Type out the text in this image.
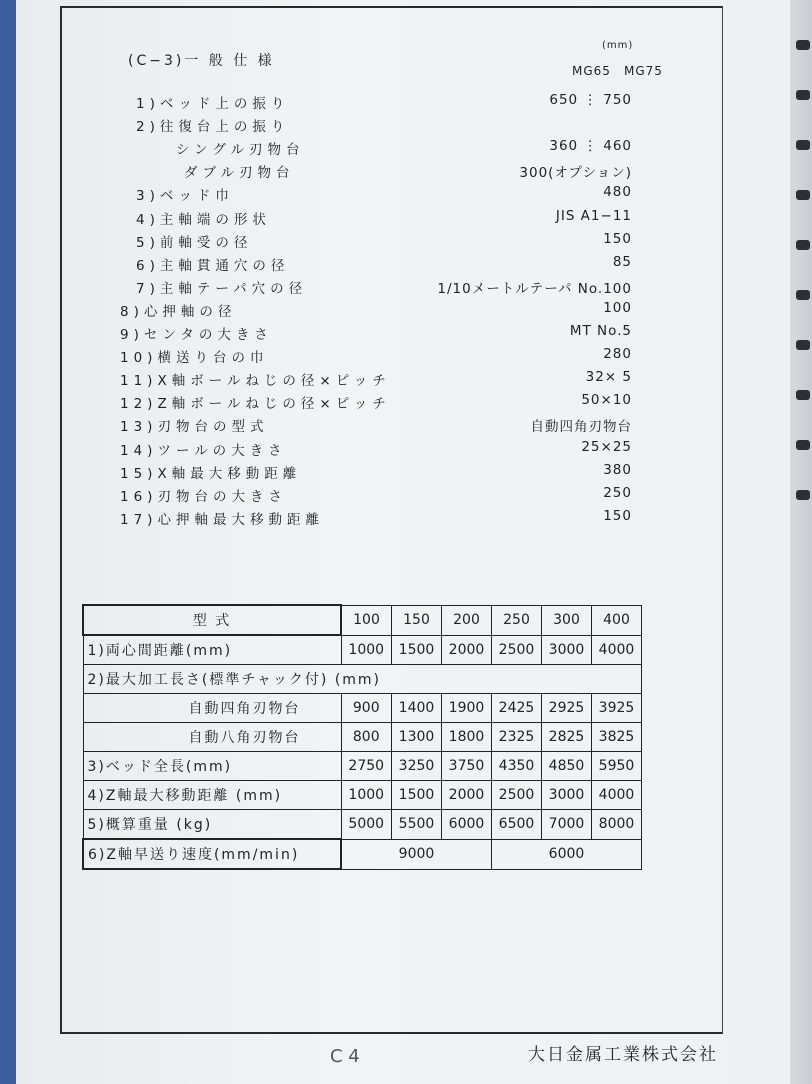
(C−3)一 般 仕 様
(mm)
MG65 MG75
1)ベッド上の振り	650 ⋮ 750
2)往復台上の振り
シングル刃物台	360 ⋮ 460
ダブル刃物台	300(オプション)
3)ベッド巾	480
4)主軸端の形状	JIS A1−11
5)前軸受の径	150
6)主軸貫通穴の径	85
7)主軸テーパ穴の径	1/10メートルテーパ No.100
8)心押軸の径	100
9)センタの大きさ	MT No.5
10)横送り台の巾	280
11)X軸ボールねじの径×ピッチ	32× 5
12)Z軸ボールねじの径×ピッチ	50×10
13)刃物台の型式	自動四角刃物台
14)ツールの大きさ	25×25
15)X軸最大移動距離	380
16)刃物台の大きさ	250
17)心押軸最大移動距離	150
型 式	100	150	200	250	300	400
1)両心間距離(mm)	1000	1500	2000	2500	3000	4000
2)最大加工長さ(標準チャック付) (mm)						
自動四角刃物台	900	1400	1900	2425	2925	3925
自動八角刃物台	800	1300	1800	2325	2825	3825
3)ベッド全長(mm)	2750	3250	3750	4350	4850	5950
4)Z軸最大移動距離 (mm)	1000	1500	2000	2500	3000	4000
5)概算重量 (kg)	5000	5500	6000	6500	7000	8000
6)Z軸早送り速度(mm/min)	9000			6000		
C 4	大日金属工業株式会社
